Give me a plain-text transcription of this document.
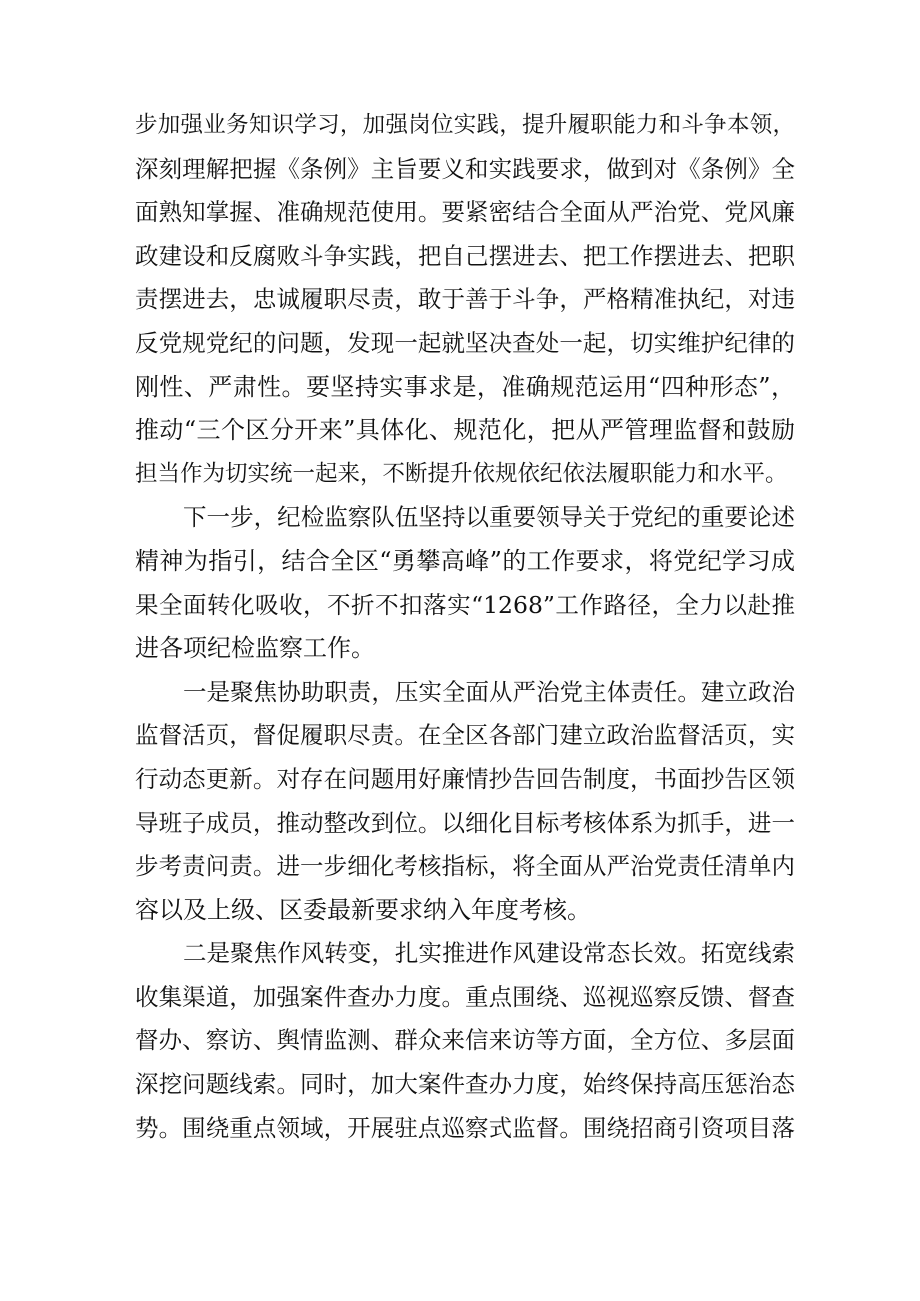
步加强业务知识学习，加强岗位实践，提升履职能力和斗争本领，
深刻理解把握《条例》主旨要义和实践要求，做到对《条例》全
面熟知掌握、准确规范使用。要紧密结合全面从严治党、党风廉
政建设和反腐败斗争实践，把自己摆进去、把工作摆进去、把职
责摆进去，忠诚履职尽责，敢于善于斗争，严格精准执纪，对违
反党规党纪的问题，发现一起就坚决查处一起，切实维护纪律的
刚性、严肃性。要坚持实事求是，准确规范运用“四种形态”，
推动“三个区分开来”具体化、规范化，把从严管理监督和鼓励
担当作为切实统一起来，不断提升依规依纪依法履职能力和水平。
下一步，纪检监察队伍坚持以重要领导关于党纪的重要论述
精神为指引，结合全区“勇攀高峰”的工作要求，将党纪学习成
果全面转化吸收，不折不扣落实“1268”工作路径，全力以赴推
进各项纪检监察工作。
一是聚焦协助职责，压实全面从严治党主体责任。建立政治
监督活页，督促履职尽责。在全区各部门建立政治监督活页，实
行动态更新。对存在问题用好廉情抄告回告制度，书面抄告区领
导班子成员，推动整改到位。以细化目标考核体系为抓手，进一
步考责问责。进一步细化考核指标，将全面从严治党责任清单内
容以及上级、区委最新要求纳入年度考核。
二是聚焦作风转变，扎实推进作风建设常态长效。拓宽线索
收集渠道，加强案件查办力度。重点围绕、巡视巡察反馈、督查
督办、察访、舆情监测、群众来信来访等方面，全方位、多层面
深挖问题线索。同时，加大案件查办力度，始终保持高压惩治态
势。围绕重点领域，开展驻点巡察式监督。围绕招商引资项目落
